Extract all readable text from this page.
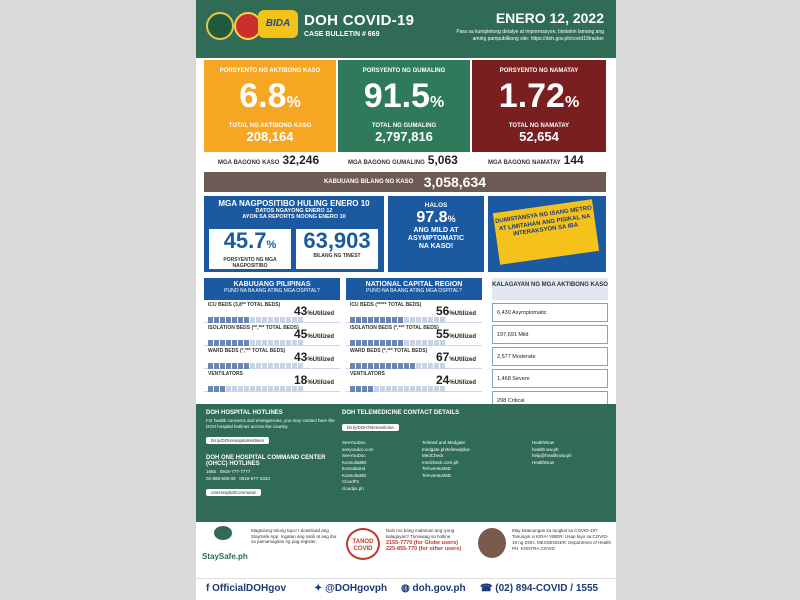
BIDA DOH COVID-19
CASE BULLETIN # 669
ENERO 12, 2022
Para sa kumpletong detalye at impormasyon, bisitahin lamang ang aming pampublikong site: https://doh.gov.ph/covid19tracker
PORSYENTO NG AKTIBONG KASO
6.8%
TOTAL NG AKTIBONG KASO
208,164
PORSYENTO NG GUMALING
91.5%
TOTAL NG GUMALING
2,797,816
PORSYENTO NG NAMATAY
1.72%
TOTAL NG NAMATAY
52,654
MGA BAGONG KASO 32,246	MGA BAGONG GUMALING 5,063	MGA BAGONG NAMATAY 144
KABUUANG BILANG NG KASO 3,058,634
MGA NAGPOSITIBO HULING ENERO 10
DATOS NGAYONG ENERO 12
AYON SA REPORTS NOONG ENERO 10
45.7%
PORSYENTO NG MGA NAGPOSITIBO
63,903
BILANG NG TINEST
HALOS
97.8%
ANG MILD AT
ASYMPTOMATIC
NA KASO!
DUMISTANSYA NG ISANG METRO AT LIMITAHAN ANG PISIKAL NA INTERAKSYON SA IBA
KABUUANG PILIPINAS
PUNO NA BA ANG ATING MGA OSPITAL?
ICU BEDS (3,8** TOTAL BEDS) 43%Utilized
ISOLATION BEDS (**,*** TOTAL BEDS)
45%Utilized
WARD BEDS (*,*** TOTAL BEDS) 43%Utilized
VENTILATORS	18%Utilized
NATIONAL CAPITAL REGION
PUNO NA BA ANG ATING MGA OSPITAL?
ICU BEDS (***** TOTAL BEDS) 56%Utilized
ISOLATION BEDS (*,*** TOTAL BEDS)
55%Utilized
WARD BEDS (*,*** TOTAL BEDS) 67%Utilized
VENTILATORS	24%Utilized
KALAGAYAN NG MGA AKTIBONG KASO
6,430 Asymptomatic
197,691 Mild
2,577 Moderate
1,468 Severe
298 Critical
DOH HOSPITAL HOTLINES
For health concerns and emergencies, you may contact here the DOH hospital hotlines across the country.
bit.ly/DOHHospitalHotlines
DOH ONE HOSPITAL COMMAND CENTER (OHCC) HOTLINES
1555 0915-777-7777
02-886-505-00 0919-977-3333
oneHospitalCommand
DOH TELEMEDICINE CONTACT DETAILS
bit.ly/DOHTelemedicine
SeeYouDoc
seeyoudoc.com
SeeYouDoc
KonsultaMD
konsultamd
KonsultaMD
CloudPx
cloudpx.ph
Telimed and Medgate
medgate.ph/telimedplus
MedCheck
medcheck.com.ph
TelAventusMD
TelAventusMD
HealthNow
healthnow.ph
help@healthnow.ph
HealthNow
StaySafe.ph
Magtulong-tulong tayo! I-download ang StaySafe App. Ingatan ang sarili at ang iba sa pamamagitan ng pag-register.	TANOD COVID
Nais mo bang malaman ang iyong kalagayan? Tumawag sa hotline.
2155-7770 (for Globe users)
225-855-770 (for other users)
May katanungan ka tungkol sa COVID-19? Tanungin si KIRA! VIBER: Usap tayo sa COVID-19 ng DOH. MESSENGER: Department of Health PH. KONTRA COVID
f OfficialDOHgov	✦ @DOHgovph ◍ doh.gov.ph ☎ (02) 894-COVID / 1555
